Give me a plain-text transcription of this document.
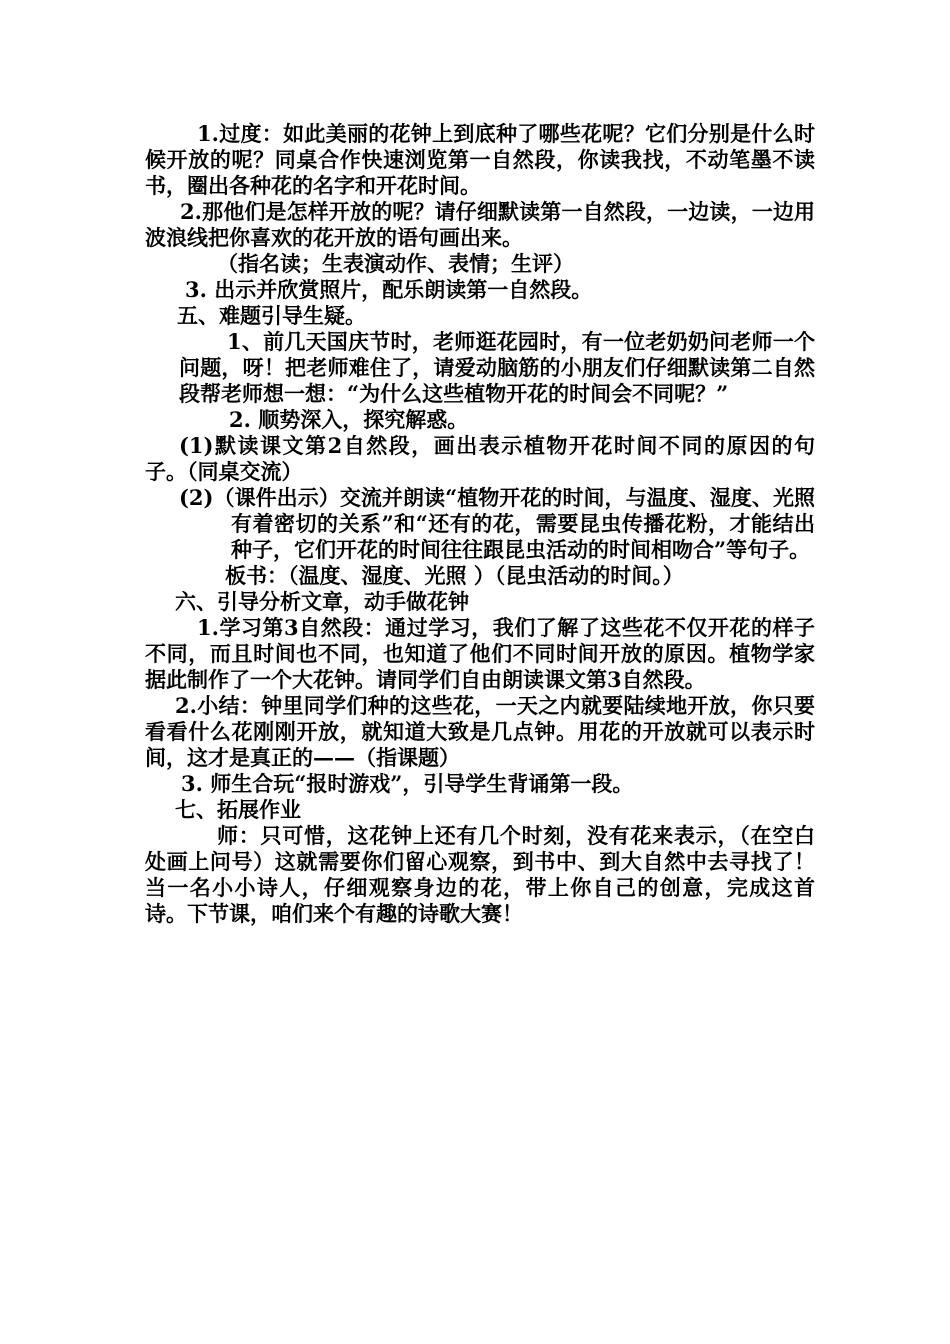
1.过度：如此美丽的花钟上到底种了哪些花呢？它们分别是什么时候开放的呢？同桌合作快速浏览第一自然段，你读我找，不动笔墨不读书，圈出各种花的名字和开花时间。

2.那他们是怎样开放的呢？请仔细默读第一自然段，一边读，一边用波浪线把你喜欢的花开放的语句画出来。

（指名读；生表演动作、表情；生评）

3. 出示并欣赏照片，配乐朗读第一自然段。

五、难题引导生疑。

1、前几天国庆节时，老师逛花园时，有一位老奶奶问老师一个问题，呀！把老师难住了，请爱动脑筋的小朋友们仔细默读第二自然段帮老师想一想：“为什么这些植物开花的时间会不同呢？”

2. 顺势深入，探究解惑。

(1)默读课文第2自然段，画出表示植物开花时间不同的原因的句子。（同桌交流）

(2)（课件出示）交流并朗读“植物开花的时间，与温度、湿度、光照有着密切的关系”和“还有的花，需要昆虫传播花粉，才能结出种子，它们开花的时间往往跟昆虫活动的时间相吻合”等句子。

板书：（温度、湿度、光照 ）（昆虫活动的时间。）

六、引导分析文章，动手做花钟

1.学习第3自然段：通过学习，我们了解了这些花不仅开花的样子不同，而且时间也不同，也知道了他们不同时间开放的原因。植物学家据此制作了一个大花钟。请同学们自由朗读课文第3自然段。

2.小结：钟里同学们种的这些花，一天之内就要陆续地开放，你只要看看什么花刚刚开放，就知道大致是几点钟。用花的开放就可以表示时间，这才是真正的——（指课题）

3. 师生合玩“报时游戏”，引导学生背诵第一段。

七、拓展作业

师：只可惜，这花钟上还有几个时刻，没有花来表示，（在空白处画上问号）这就需要你们留心观察，到书中、到大自然中去寻找了！当一名小小诗人，仔细观察身边的花，带上你自己的创意，完成这首诗。下节课，咱们来个有趣的诗歌大赛！
